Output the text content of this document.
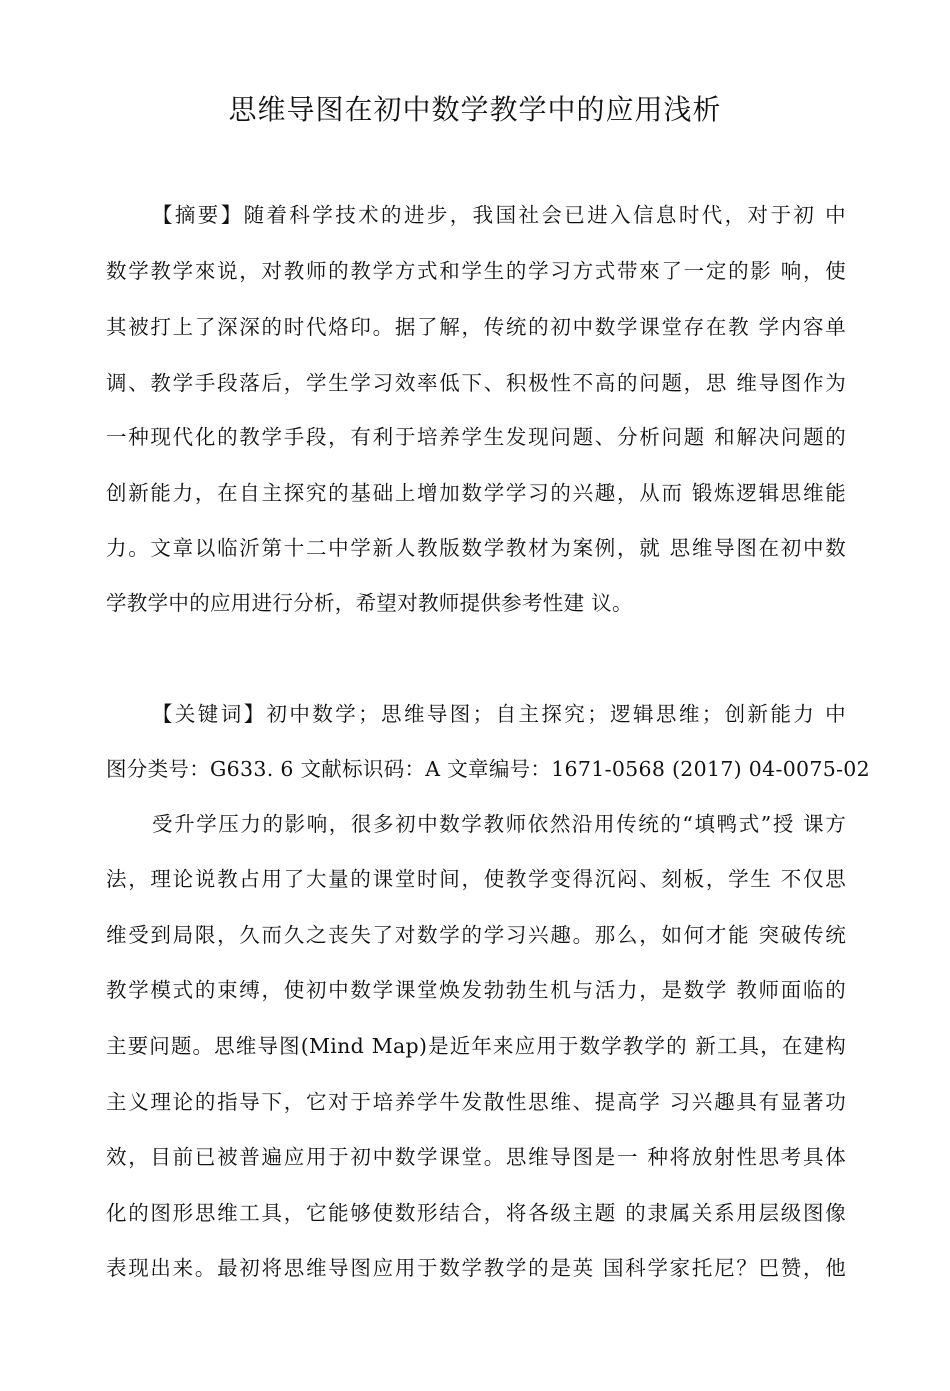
思维导图在初中数学教学中的应用浅析
【摘要】随着科学技术的进步，我国社会已进入信息时代，对于初 中
数学教学來说，对教师的教学方式和学生的学习方式带來了一定的影 响，使
其被打上了深深的时代烙印。据了解，传统的初中数学课堂存在教 学内容单
调、教学手段落后，学生学习效率低下、积极性不高的问题，思 维导图作为
一种现代化的教学手段，有利于培养学生发现问题、分析问题 和解决问题的
创新能力，在自主探究的基础上增加数学学习的兴趣，从而 锻炼逻辑思维能
力。文章以临沂第十二中学新人教版数学教材为案例，就 思维导图在初中数
学教学中的应用进行分析，希望对教师提供参考性建 议。
【关键词】初中数学；思维导图；自主探究；逻辑思维；创新能力 中
图分类号：G633. 6 文献标识码：A 文章编号：1671-0568 (2017) 04-0075-02
受升学压力的影响，很多初中数学教师依然沿用传统的“填鸭式”授 课方
法，理论说教占用了大量的课堂时间，使教学变得沉闷、刻板，学生 不仅思
维受到局限，久而久之丧失了对数学的学习兴趣。那么，如何才能 突破传统
教学模式的束缚，使初中数学课堂焕发勃勃生机与活力，是数学 教师面临的
主要问题。思维导图(Mind Map)是近年来应用于数学教学的 新工具，在建构
主义理论的指导下，它对于培养学牛发散性思维、提高学 习兴趣具有显著功
效，目前已被普遍应用于初中数学课堂。思维导图是一 种将放射性思考具体
化的图形思维工具，它能够使数形结合，将各级主题 的隶属关系用层级图像
表现出来。最初将思维导图应用于数学教学的是英 国科学家托尼？巴赞，他
